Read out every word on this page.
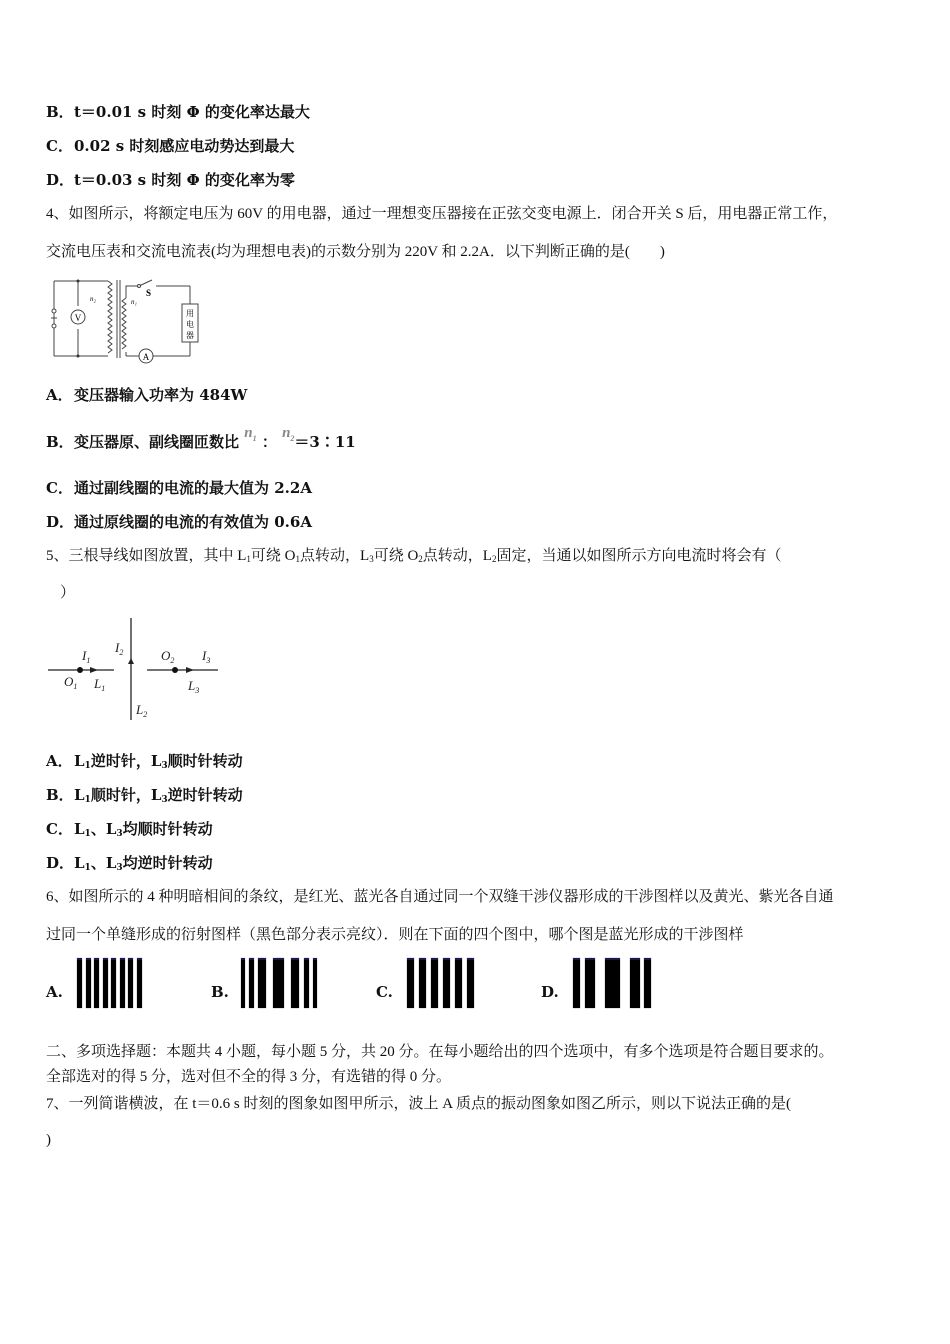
B．t＝0.01 s 时刻 Φ 的变化率达最大
C．0.02 s 时刻感应电动势达到最大
D．t＝0.03 s 时刻 Φ 的变化率为零
4、如图所示，将额定电压为 60V 的用电器，通过一理想变压器接在正弦交变电源上．闭合开关 S 后，用电器正常工作，
交流电压表和交流电流表(均为理想电表)的示数分别为 220V 和 2.2A．以下判断正确的是(　　)
V
A
n₂	n₁
S
用
电
器
A．变压器输入功率为 484W
B．变压器原、副线圈匝数比 $n_1$ ： $n_2=3∶11$
C．通过副线圈的电流的最大值为 2.2A
D．通过原线圈的电流的有效值为 0.6A
5、三根导线如图放置，其中 $L_1$可绕 $O_1$点转动，$L_3$可绕 $O_2$点转动，$L_2$固定，当通以如图所示方向电流时将会有（
）
$I_1$
$O_1$ $L_1$
$I_2$
$L_2$
$O_2$ $I_3$
$L_3$
A．$L_1$逆时针，$L_3$顺时针转动
B．$L_1$顺时针，$L_3$逆时针转动
C．$L_1$、$L_3$均顺时针转动
D．$L_1$、$L_3$均逆时针转动
6、如图所示的 4 种明暗相间的条纹，是红光、蓝光各自通过同一个双缝干涉仪器形成的干涉图样以及黄光、紫光各自通
过同一个单缝形成的衍射图样（黑色部分表示亮纹）．则在下面的四个图中，哪个图是蓝光形成的干涉图样
A.	B.	C.	D.
二、多项选择题：本题共 4 小题，每小题 5 分，共 20 分。在每小题给出的四个选项中，有多个选项是符合题目要求的。
全部选对的得 5 分，选对但不全的得 3 分，有选错的得 0 分。
7、一列简谐横波，在 t＝0.6 s 时刻的图象如图甲所示，波上 A 质点的振动图象如图乙所示，则以下说法正确的是(
)
